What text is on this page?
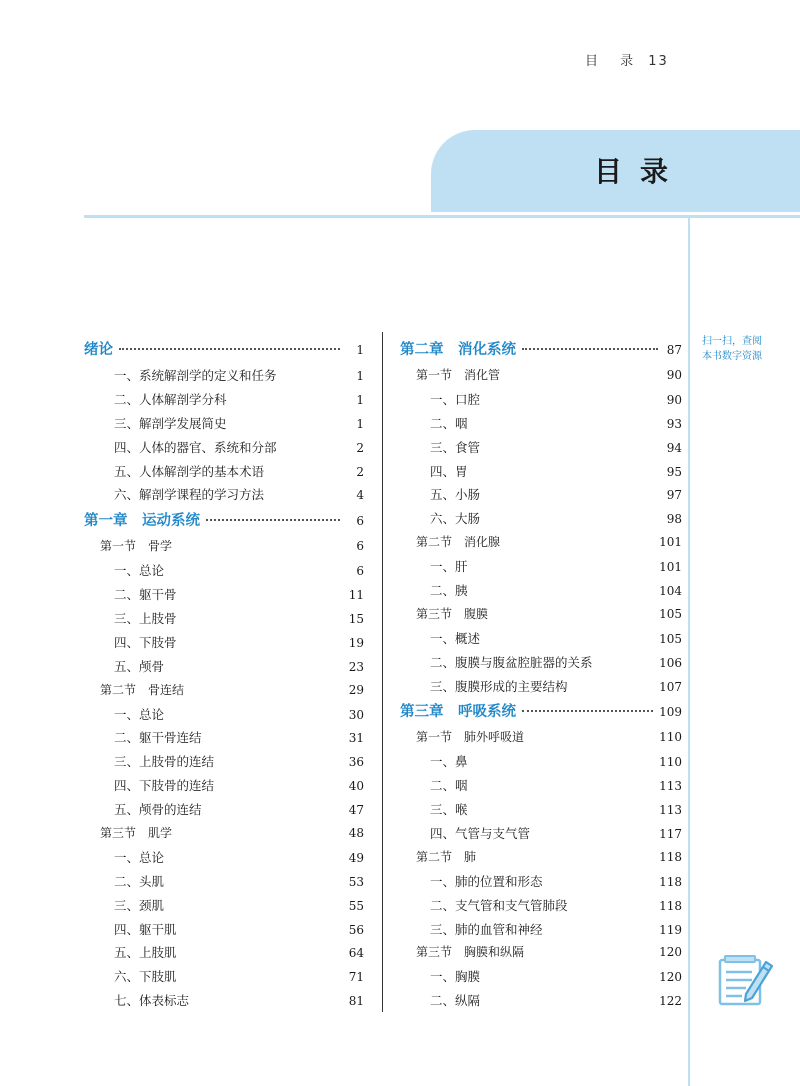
目 录 13
目录
绪论	1
一、系统解剖学的定义和任务	1
二、人体解剖学分科	1
三、解剖学发展简史	1
四、人体的器官、系统和分部	2
五、人体解剖学的基本术语	2
六、解剖学课程的学习方法	4
第一章　运动系统	6
第一节　骨学	6
一、总论	6
二、躯干骨	11
三、上肢骨	15
四、下肢骨	19
五、颅骨	23
第二节　骨连结	29
一、总论	30
二、躯干骨连结	31
三、上肢骨的连结	36
四、下肢骨的连结	40
五、颅骨的连结	47
第三节　肌学	48
一、总论	49
二、头肌	53
三、颈肌	55
四、躯干肌	56
五、上肢肌	64
六、下肢肌	71
七、体表标志	81
第二章　消化系统	87
第一节　消化管	90
一、口腔	90
二、咽	93
三、食管	94
四、胃	95
五、小肠	97
六、大肠	98
第二节　消化腺	101
一、肝	101
二、胰	104
第三节　腹膜	105
一、概述	105
二、腹膜与腹盆腔脏器的关系	106
三、腹膜形成的主要结构	107
第三章　呼吸系统	109
第一节　肺外呼吸道	110
一、鼻	110
二、咽	113
三、喉	113
四、气管与支气管	117
第二节　肺	118
一、肺的位置和形态	118
二、支气管和支气管肺段	118
三、肺的血管和神经	119
第三节　胸膜和纵隔	120
一、胸膜	120
二、纵隔	122
扫一扫，查阅
本书数字资源
